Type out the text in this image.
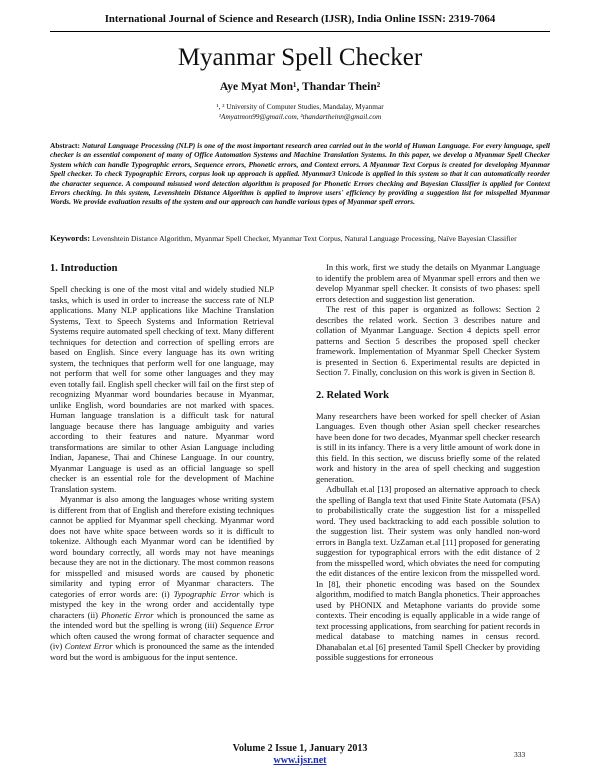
International Journal of Science and Research (IJSR), India Online ISSN: 2319-7064
Myanmar Spell Checker
Aye Myat Mon¹, Thandar Thein²
¹, ² University of Computer Studies, Mandalay, Myanmar
¹Amyatmon99@gmail.com, ²thandartheinn@gmail.com
Abstract: Natural Language Processing (NLP) is one of the most important research area carried out in the world of Human Language. For every language, spell checker is an essential component of many of Office Automation Systems and Machine Translation Systems. In this paper, we develop a Myanmar Spell Checker System which can handle Typographic errors, Sequence errors, Phonetic errors, and Context errors. A Myanmar Text Corpus is created for developing Myanmar Spell checker. To check Typographic Errors, corpus look up approach is applied. Myanmar3 Unicode is applied in this system so that it can automatically reorder the character sequence. A compound misused word detection algorithm is proposed for Phonetic Errors checking and Bayesian Classifier is applied for Context Errors checking. In this system, Levenshtein Distance Algorithm is applied to improve users' efficiency by providing a suggestion list for misspelled Myanmar Words. We provide evaluation results of the system and our approach can handle various types of Myanmar spell errors.
Keywords: Levenshtein Distance Algorithm, Myanmar Spell Checker, Myanmar Text Corpus, Natural Language Processing, Naïve Bayesian Classifier

1. Introduction

Spell checking is one of the most vital and widely studied NLP tasks, which is used in order to increase the success rate of NLP applications. Many NLP applications like Machine Translation Systems, Text to Speech Systems and Information Retrieval Systems require automated spell checking of text. Many different techniques for detection and correction of spelling errors are based on English. Since every language has its own writing system, the techniques that perform well for one language, may not perform that well for some other languages and they may even totally fail. English spell checker will fail on the first step of recognizing Myanmar word boundaries because in Myanmar, unlike English, word boundaries are not marked with spaces. Human language translation is a difficult task for natural language because there has language ambiguity and varies according to their features and nature. Myanmar word transformations are similar to other Asian Language including Indian, Japanese, Thai and Chinese Language. In our country, Myanmar Language is used as an official language so spell checker is an essential role for the development of Machine Translation system.

Myanmar is also among the languages whose writing system is different from that of English and therefore existing techniques cannot be applied for Myanmar spell checking. Myanmar word does not have white space between words so it is difficult to tokenize. Although each Myanmar word can be identified by word boundary correctly, all words may not have meanings because they are not in the dictionary. The most common reasons for misspelled and misused words are caused by phonetic similarity and typing error of Myanmar characters. The categories of error words are: (i) Typographic Error which is mistyped the key in the wrong order and accidentally type characters (ii) Phonetic Error which is pronounced the same as the intended word but the spelling is wrong (iii) Sequence Error which often caused the wrong format of character sequence and (iv) Context Error which is pronounced the same as the intended word but the word is ambiguous for the input sentence.

In this work, first we study the details on Myanmar Language to identify the problem area of Myanmar spell errors and then we develop Myanmar spell checker. It consists of two phases: spell errors detection and suggestion list generation.

The rest of this paper is organized as follows: Section 2 describes the related work. Section 3 describes nature and collation of Myanmar Language. Section 4 depicts spell error patterns and Section 5 describes the proposed spell checker framework. Implementation of Myanmar Spell Checker System is presented in Section 6. Experimental results are depicted in Section 7. Finally, conclusion on this work is given in Section 8.

2. Related Work

Many researchers have been worked for spell checker of Asian Languages. Even though other Asian spell checker researches have been done for two decades, Myanmar spell checker research is still in its infancy. There is a very little amount of work done in this field. In this section, we discuss briefly some of the related work and history in the area of spell checking and suggestion generation.

Adbullah et.al [13] proposed an alternative approach to check the spelling of Bangla text that used Finite State Automata (FSA) to probabilistically crate the suggestion list for a misspelled word. They used backtracking to add each possible solution to the suggestion list. Their system was only handled non-word errors in Bangla text. UzZaman et.al [11] proposed for generating suggestion for typographical errors with the edit distance of 2 from the misspelled word, which obviates the need for computing the edit distances of the entire lexicon from the misspelled word. In [8], their phonetic encoding was based on the Soundex algorithm, modified to match Bangla phonetics. Their approaches used by PHONIX and Metaphone variants do provide some contexts. Their encoding is equally applicable in a wide range of text processing applications, from searching for patient records in medical database to matching names in census record. Dhanabalan et.al [6] presented Tamil Spell Checker by providing possible suggestions for erroneous

Volume 2 Issue 1, January 2013
www.ijsr.net
333
